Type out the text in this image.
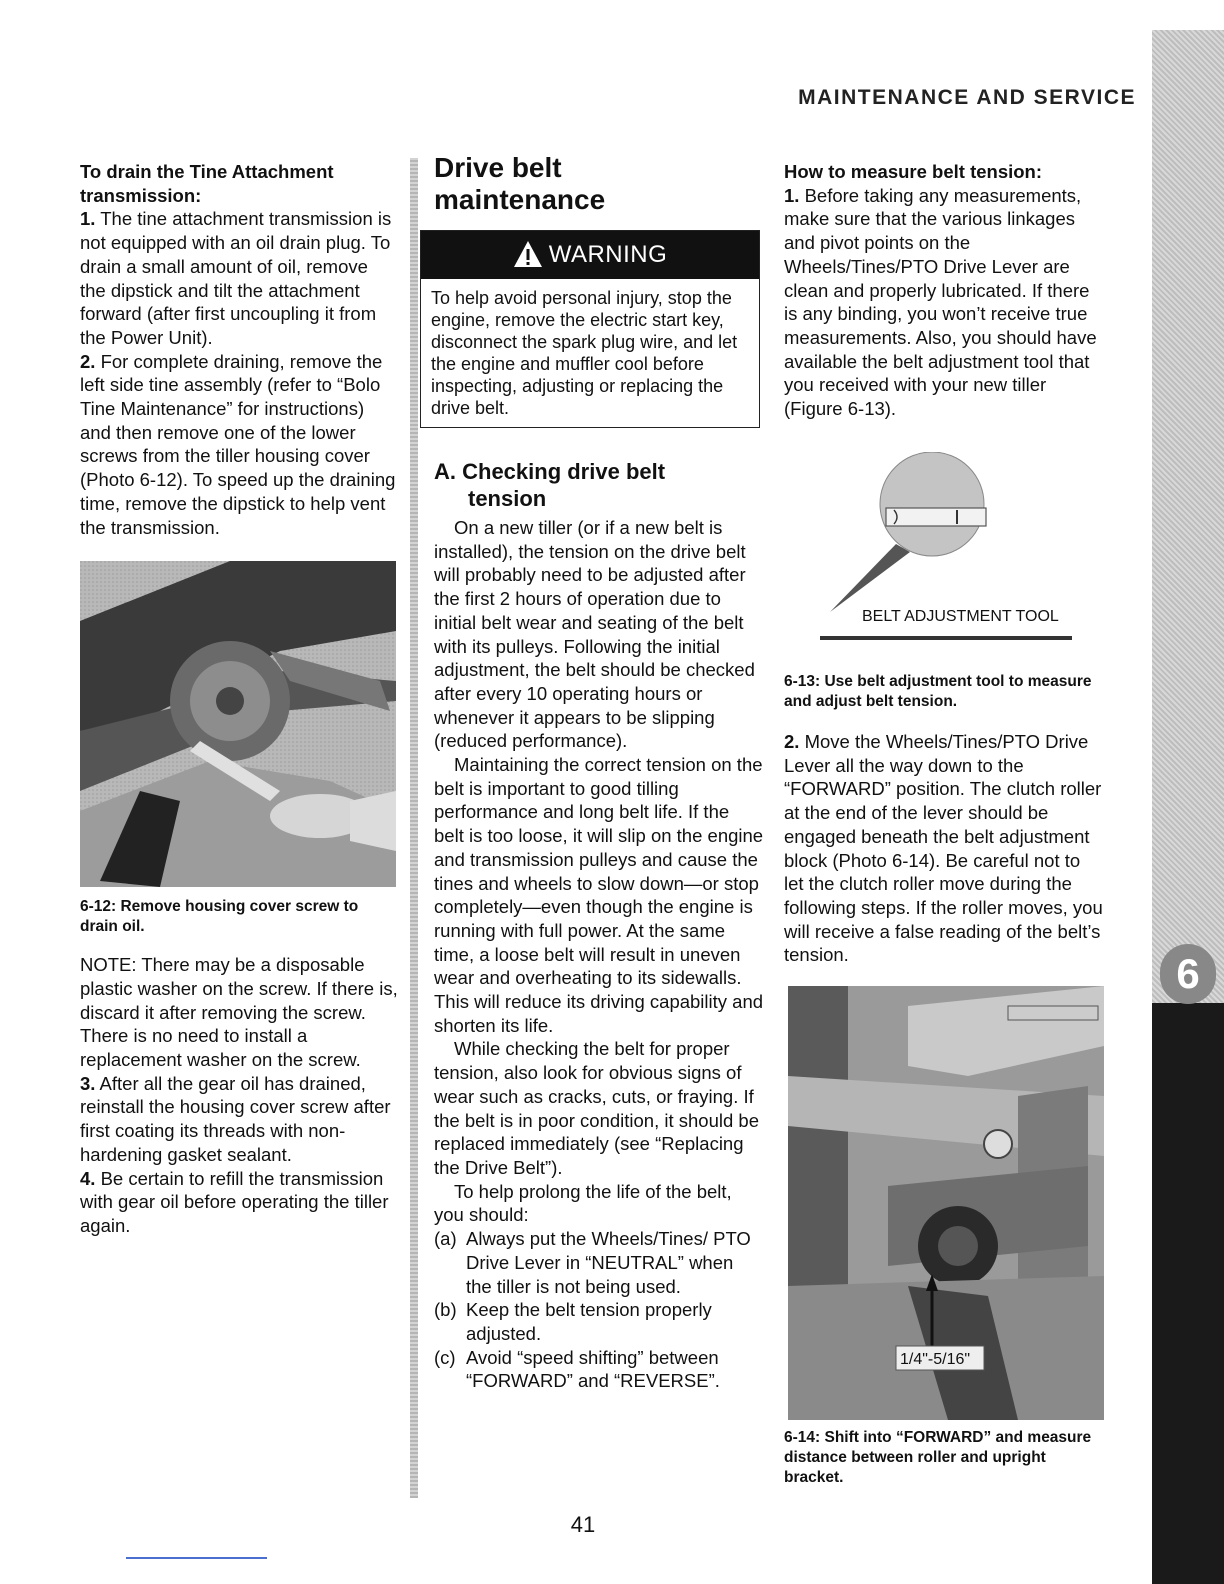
6
MAINTENANCE AND SERVICE

To drain the Tine Attachment transmission:

1. The tine attachment transmission is not equipped with an oil drain plug. To drain a small amount of oil, remove the dipstick and tilt the attachment forward (after first uncoupling it from the Power Unit).

2. For complete draining, remove the left side tine assembly (refer to “Bolo Tine Maintenance” for instructions) and then remove one of the lower screws from the tiller housing cover (Photo 6-12). To speed up the draining time, remove the dipstick to help vent the transmission.

6-12: Remove housing cover screw to drain oil.

NOTE: There may be a disposable plastic washer on the screw. If there is, discard it after removing the screw. There is no need to install a replacement washer on the screw.

3. After all the gear oil has drained, reinstall the housing cover screw after first coating its threads with non-hardening gasket sealant.

4. Be certain to refill the transmission with gear oil before operating the tiller again.

Drive belt
maintenance
WARNING
To help avoid personal injury, stop the engine, remove the electric start key, disconnect the spark plug wire, and let the engine and muffler cool before inspecting, adjusting or replacing the drive belt.
A. Checking drive belt
tension

On a new tiller (or if a new belt is installed), the tension on the drive belt will probably need to be adjusted after the first 2 hours of operation due to initial belt wear and seating of the belt with its pulleys. Following the initial adjustment, the belt should be checked after every 10 operating hours or whenever it appears to be slipping (reduced performance).

Maintaining the correct tension on the belt is important to good tilling performance and long belt life. If the belt is too loose, it will slip on the engine and transmission pulleys and cause the tines and wheels to slow down—or stop completely—even though the engine is running with full power. At the same time, a loose belt will result in uneven wear and overheating to its sidewalls. This will reduce its driving capability and shorten its life.

While checking the belt for proper tension, also look for obvious signs of wear such as cracks, cuts, or fraying. If the belt is in poor condition, it should be replaced immediately (see “Replacing the Drive Belt”).

To help prolong the life of the belt, you should:

(a) Always put the Wheels/Tines/ PTO Drive Lever in “NEUTRAL” when the tiller is not being used.
(b) Keep the belt tension properly adjusted.
(c) Avoid “speed shifting” between “FORWARD” and “REVERSE”.

How to measure belt tension:

1. Before taking any measurements, make sure that the various linkages and pivot points on the Wheels/Tines/PTO Drive Lever are clean and properly lubricated. If there is any binding, you won’t receive true measurements. Also, you should have available the belt adjustment tool that you received with your new tiller (Figure 6-13).

BELT ADJUSTMENT TOOL

6-13: Use belt adjustment tool to measure and adjust belt tension.

2. Move the Wheels/Tines/PTO Drive Lever all the way down to the “FORWARD” position. The clutch roller at the end of the lever should be engaged beneath the belt adjustment block (Photo 6-14). Be careful not to let the clutch roller move during the following steps. If the roller moves, you will receive a false reading of the belt’s tension.

1/4"-5/16"

6-14: Shift into “FORWARD” and measure distance between roller and upright bracket.

41
